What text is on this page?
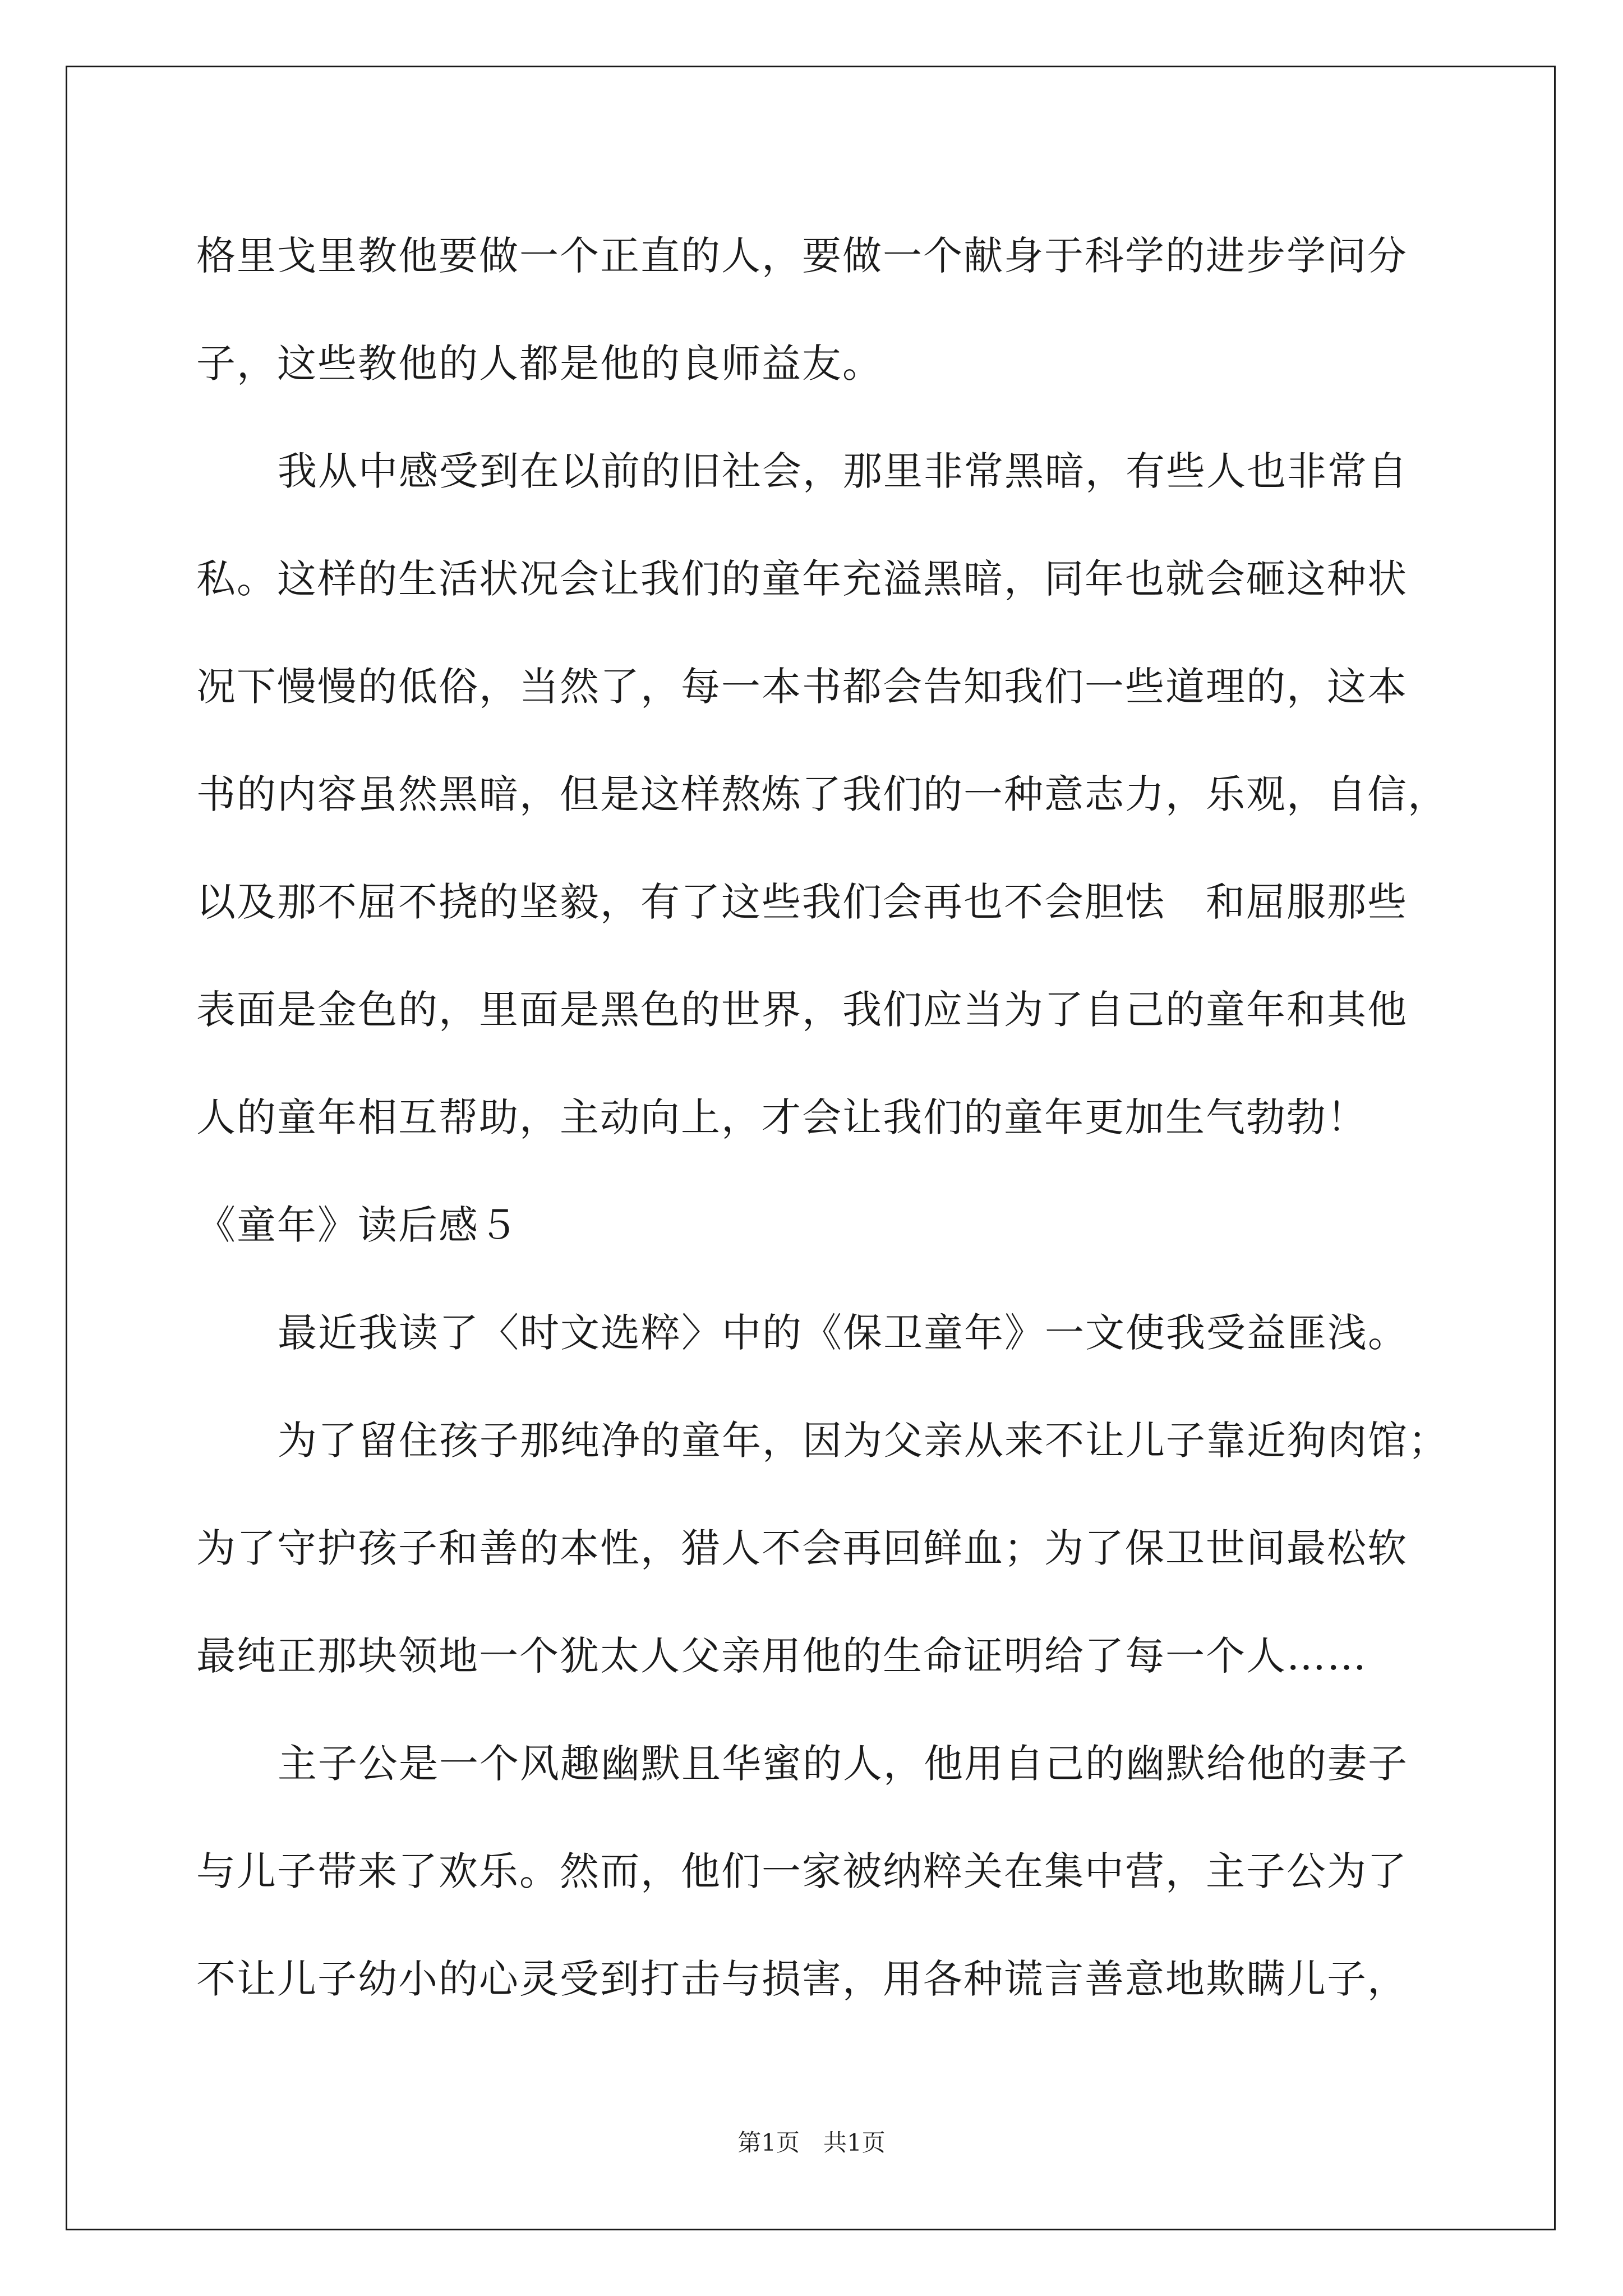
格里戈里教他要做一个正直的人，要做一个献身于科学的进步学问分

子，这些教他的人都是他的良师益友。

我从中感受到在以前的旧社会，那里非常黑暗，有些人也非常自

私。这样的生活状况会让我们的童年充溢黑暗，同年也就会砸这种状

况下慢慢的低俗，当然了，每一本书都会告知我们一些道理的，这本

书的内容虽然黑暗，但是这样熬炼了我们的一种意志力，乐观，自信，

以及那不屈不挠的坚毅，有了这些我们会再也不会胆怯　和屈服那些

表面是金色的，里面是黑色的世界，我们应当为了自己的童年和其他

人的童年相互帮助，主动向上，才会让我们的童年更加生气勃勃！

《童年》读后感５

最近我读了〈时文选粹〉中的《保卫童年》一文使我受益匪浅。

为了留住孩子那纯净的童年，因为父亲从来不让儿子靠近狗肉馆；

为了守护孩子和善的本性，猎人不会再回鲜血；为了保卫世间最松软

最纯正那块领地一个犹太人父亲用他的生命证明给了每一个人……

主子公是一个风趣幽默且华蜜的人，他用自己的幽默给他的妻子

与儿子带来了欢乐。然而，他们一家被纳粹关在集中营，主子公为了

不让儿子幼小的心灵受到打击与损害，用各种谎言善意地欺瞒儿子，

第1页　共1页
